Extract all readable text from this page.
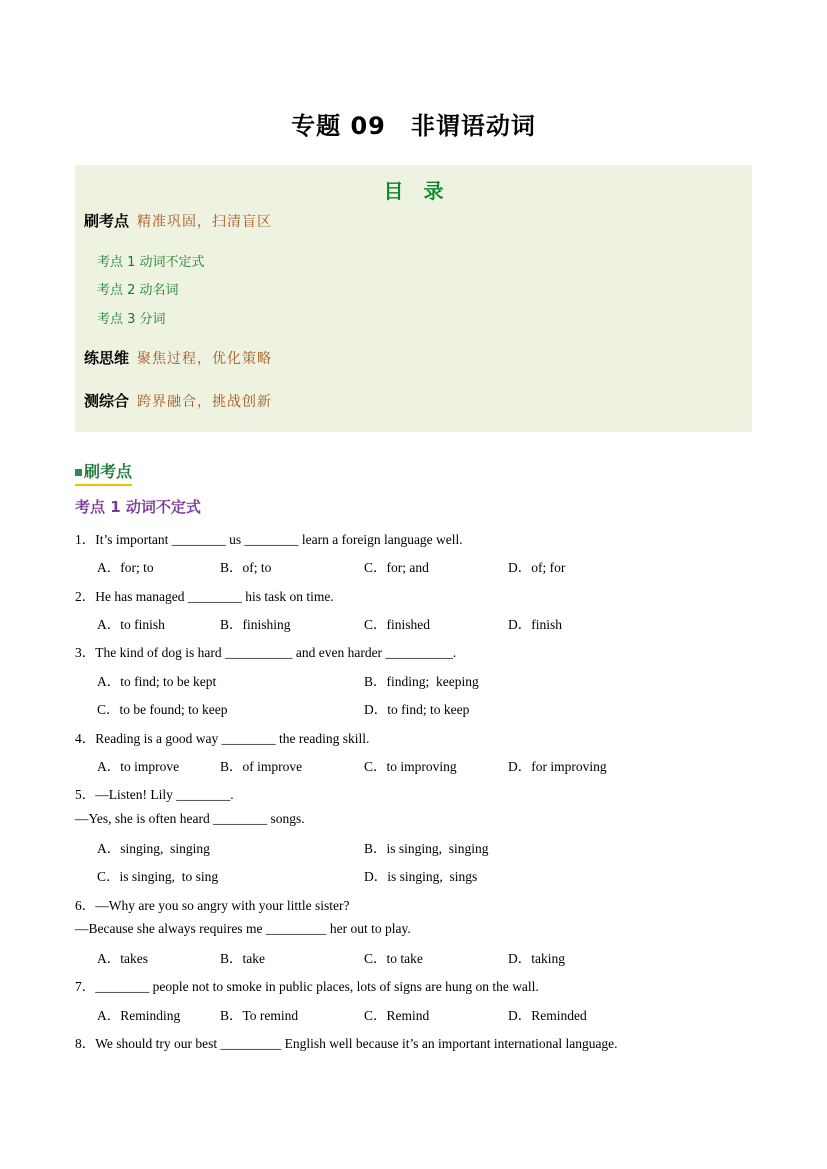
专题 09　非谓语动词
目　录
刷考点 精准巩固，扫清盲区
考点 1 动词不定式
考点 2 动名词
考点 3 分词
练思维 聚焦过程，优化策略
测综合 跨界融合，挑战创新
刷考点
考点 1 动词不定式
1．It’s important ________ us ________ learn a foreign language well.
A．for; to	B．of; to	C．for; and	D．of; for
2．He has managed ________ his task on time.
A．to finish	B．finishing	C．finished	D．finish
3．The kind of dog is hard __________ and even harder __________.
A．to find; to be kept	B．finding;  keeping
C．to be found; to keep	D．to find; to keep
4．Reading is a good way ________ the reading skill.
A．to improve	B．of improve	C．to improving	D．for improving
5．—Listen! Lily ________.
—Yes, she is often heard ________ songs.
A．singing,  singing	B．is singing,  singing
C．is singing,  to sing	D．is singing,  sings
6．—Why are you so angry with your little sister?
—Because she always requires me _________ her out to play.
A．takes	B．take	C．to take	D．taking
7．________ people not to smoke in public places, lots of signs are hung on the wall.
A．Reminding	B．To remind	C．Remind	D．Reminded
8．We should try our best _________ English well because it’s an important international language.
